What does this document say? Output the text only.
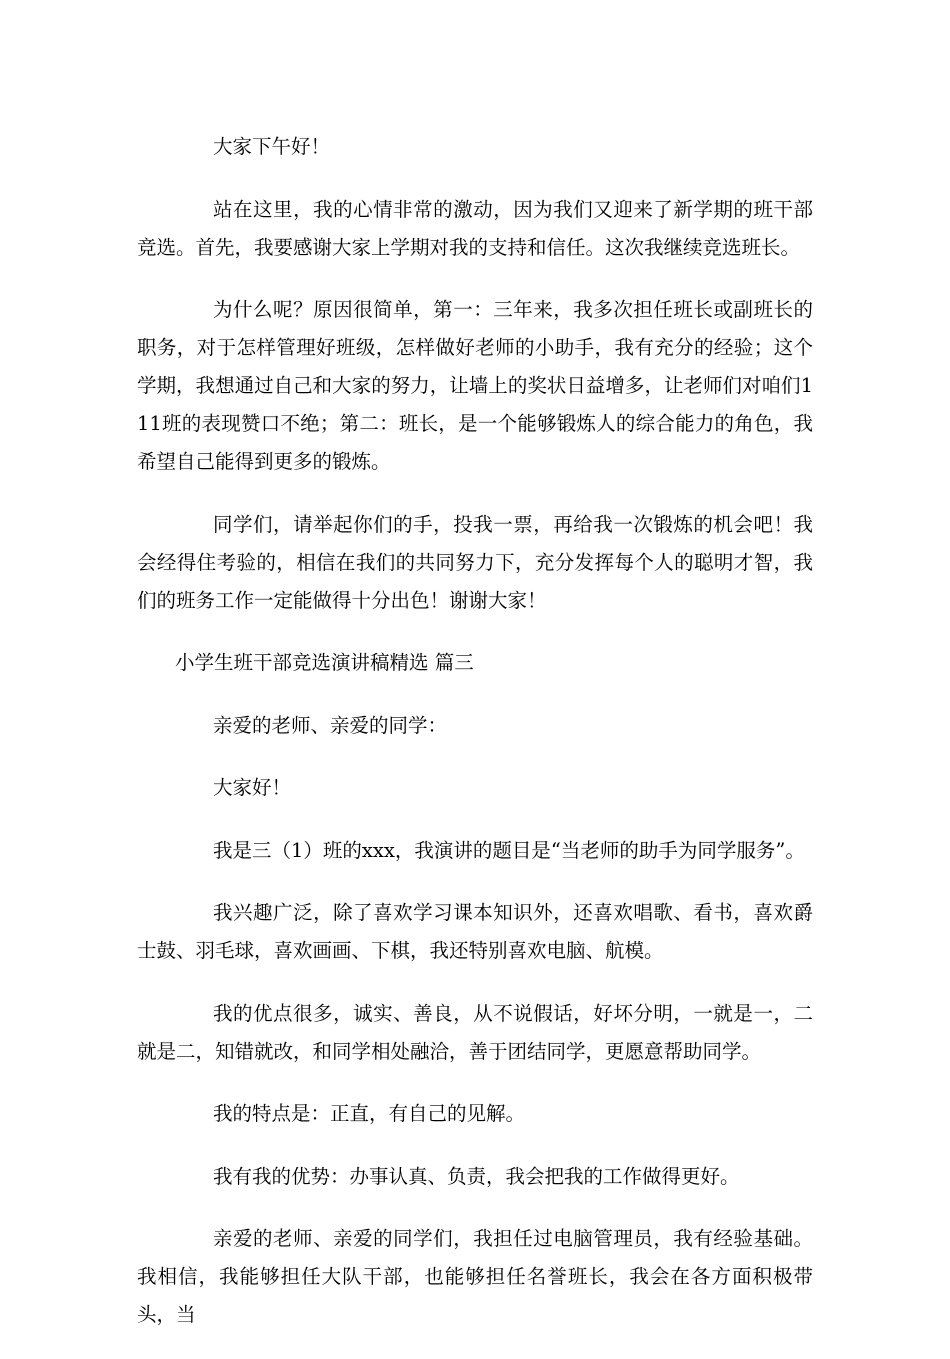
大家下午好！

站在这里，我的心情非常的激动，因为我们又迎来了新学期的班干部竞选。首先，我要感谢大家上学期对我的支持和信任。这次我继续竞选班长。

为什么呢？原因很简单，第一：三年来，我多次担任班长或副班长的职务，对于怎样管理好班级，怎样做好老师的小助手，我有充分的经验；这个学期，我想通过自己和大家的努力，让墙上的奖状日益增多，让老师们对咱们111班的表现赞口不绝；第二：班长，是一个能够锻炼人的综合能力的角色，我希望自己能得到更多的锻炼。

同学们，请举起你们的手，投我一票，再给我一次锻炼的机会吧！我会经得住考验的，相信在我们的共同努力下，充分发挥每个人的聪明才智，我们的班务工作一定能做得十分出色！谢谢大家！

小学生班干部竞选演讲稿精选 篇三

亲爱的老师、亲爱的同学：

大家好！

我是三（1）班的xxx，我演讲的题目是“当老师的助手为同学服务”。

我兴趣广泛，除了喜欢学习课本知识外，还喜欢唱歌、看书，喜欢爵士鼓、羽毛球，喜欢画画、下棋，我还特别喜欢电脑、航模。

我的优点很多，诚实、善良，从不说假话，好坏分明，一就是一，二就是二，知错就改，和同学相处融洽，善于团结同学，更愿意帮助同学。

我的特点是：正直，有自己的见解。

我有我的优势：办事认真、负责，我会把我的工作做得更好。

亲爱的老师、亲爱的同学们，我担任过电脑管理员，我有经验基础。我相信，我能够担任大队干部，也能够担任名誉班长，我会在各方面积极带头，当
